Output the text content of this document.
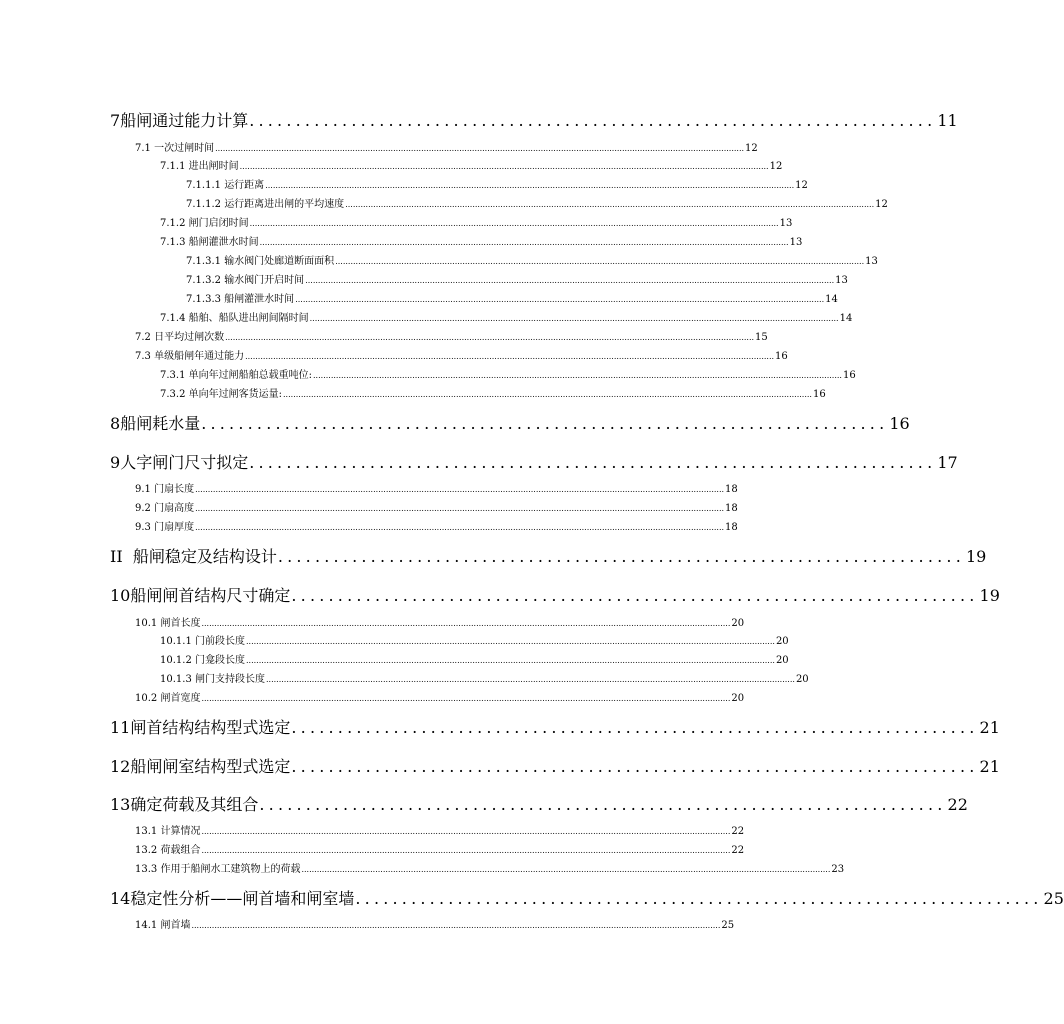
7 船闸通过能力计算 .......................................................................... 11
7.1
一次过闸时间 ................................................................................................................................................................................................................ 12
7.1.1
进出闸时间 ................................................................................................................................................................................................................ 12
7.1.1.1
运行距离 ................................................................................................................................................................................................................ 12
7.1.1.2
运行距离进出闸的平均速度 ................................................................................................................................................................................................................ 12
7.1.2
闸门启闭时间 ................................................................................................................................................................................................................ 13
7.1.3
船闸灌泄水时间 ................................................................................................................................................................................................................ 13
7.1.3.1
输水阀门处廊道断面面积 ................................................................................................................................................................................................................ 13
7.1.3.2
输水阀门开启时间 ................................................................................................................................................................................................................ 13
7.1.3.3
船闸灌泄水时间 ................................................................................................................................................................................................................ 14
7.1.4
船舶、船队进出闸间隔时间 ................................................................................................................................................................................................................ 14
7.2
日平均过闸次数 ................................................................................................................................................................................................................ 15
7.3
单级船闸年通过能力 ................................................................................................................................................................................................................ 16
7.3.1
单向年过闸船舶总载重吨位: ................................................................................................................................................................................................................ 16
7.3.2
单向年过闸客货运量: ................................................................................................................................................................................................................ 16
8 船闸耗水量 .......................................................................... 16
9 人字闸门尺寸拟定 .......................................................................... 17
9.1
门扇长度 ................................................................................................................................................................................................................ 18
9.2
门扇高度 ................................................................................................................................................................................................................ 18
9.3
门扇厚度 ................................................................................................................................................................................................................ 18
II
船闸稳定及结构设计 .......................................................................... 19
10 船闸闸首结构尺寸确定 .......................................................................... 19
10.1
闸首长度 ................................................................................................................................................................................................................ 20
10.1.1
门前段长度 ................................................................................................................................................................................................................ 20
10.1.2
门龛段长度 ................................................................................................................................................................................................................ 20
10.1.3
闸门支持段长度 ................................................................................................................................................................................................................ 20
10.2
闸首宽度 ................................................................................................................................................................................................................ 20
11 闸首结构结构型式选定 .......................................................................... 21
12 船闸闸室结构型式选定 .......................................................................... 21
13 确定荷载及其组合 .......................................................................... 22
13.1
计算情况 ................................................................................................................................................................................................................ 22
13.2
荷载组合 ................................................................................................................................................................................................................ 22
13.3
作用于船闸水工建筑物上的荷载 ................................................................................................................................................................................................................ 23
14 稳定性分析——闸首墙和闸室墙 .......................................................................... 25
14.1
闸首墙 ................................................................................................................................................................................................................ 25
